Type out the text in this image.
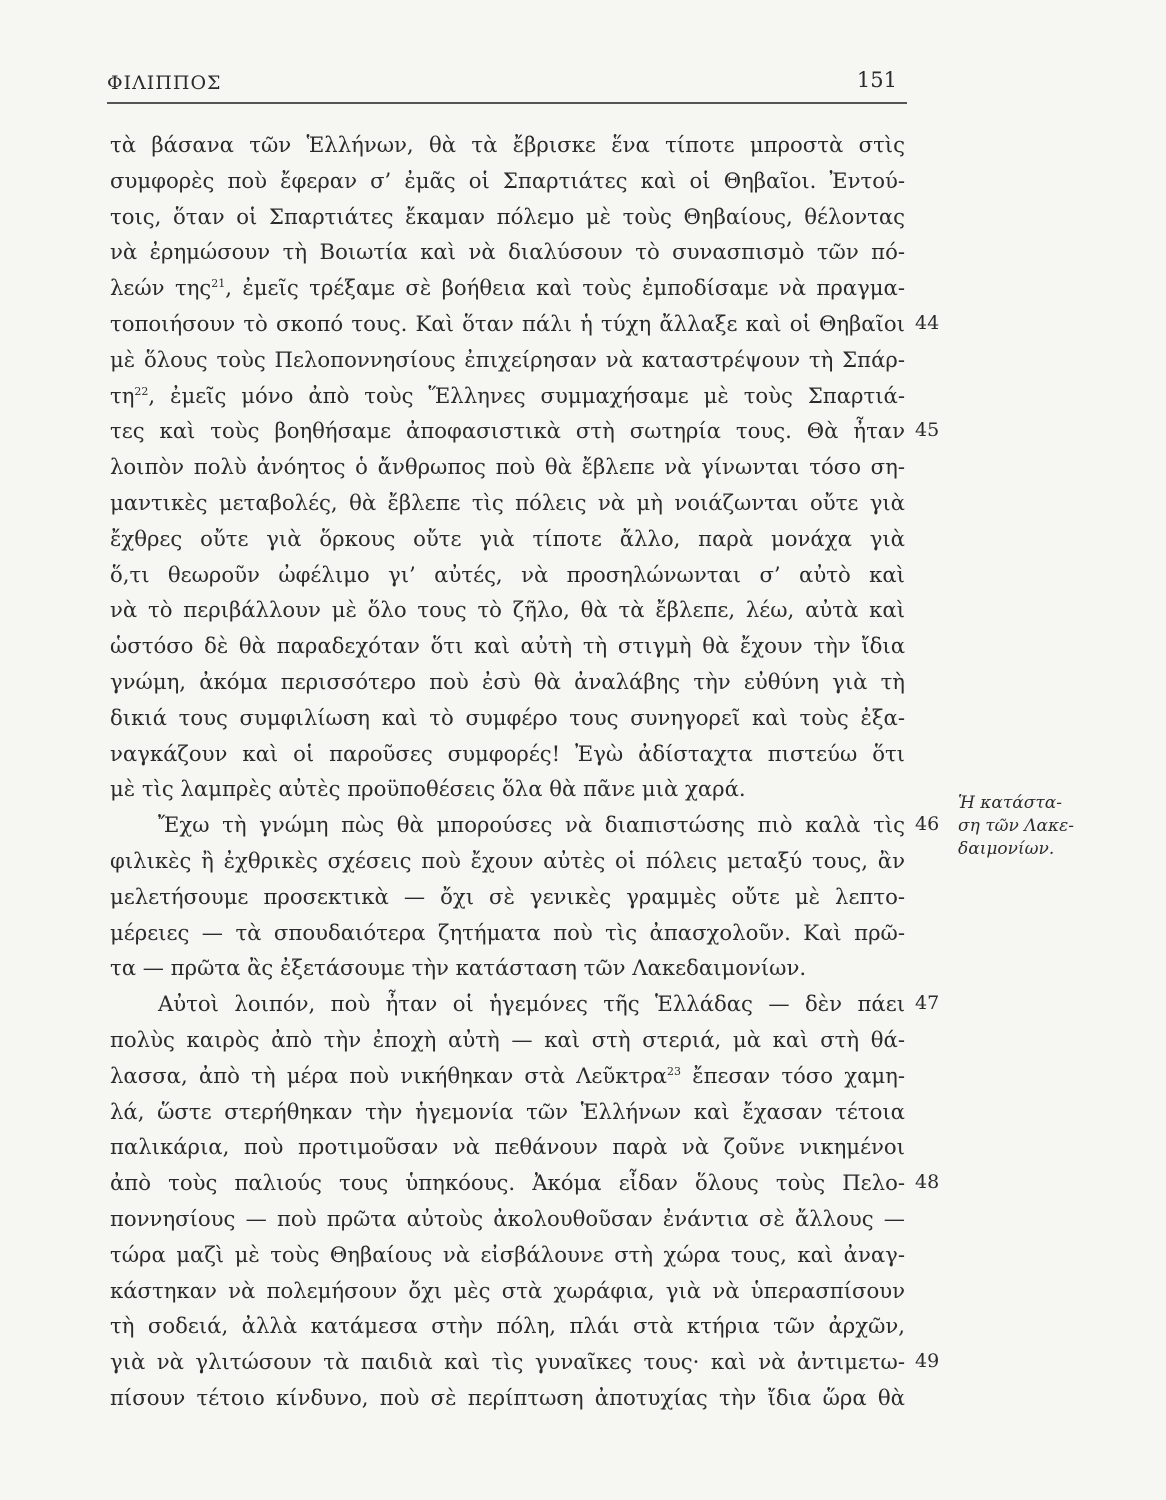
ΦΙΛΙΠΠΟΣ	151
τὰ βάσανα τῶν Ἑλλήνων, θὰ τὰ ἔβρισκε ἕνα τίποτε μπροστὰ στὶς
συμφορὲς ποὺ ἔφεραν σ’ ἐμᾶς οἱ Σπαρτιάτες καὶ οἱ Θηβαῖοι. Ἐντού-
τοις, ὅταν οἱ Σπαρτιάτες ἔκαμαν πόλεμο μὲ τοὺς Θηβαίους, θέλοντας
νὰ ἐρημώσουν τὴ Βοιωτία καὶ νὰ διαλύσουν τὸ συνασπισμὸ τῶν πό-
λεών της$^{21}$, ἐμεῖς τρέξαμε σὲ βοήθεια καὶ τοὺς ἐμποδίσαμε νὰ πραγμα-
τοποιήσουν τὸ σκοπό τους. Καὶ ὅταν πάλι ἡ τύχη ἄλλαξε καὶ οἱ Θηβαῖοι 44
μὲ ὅλους τοὺς Πελοποννησίους ἐπιχείρησαν νὰ καταστρέψουν τὴ Σπάρ-
$\tau\eta^{22}$, ἐμεῖς μόνο ἀπὸ τοὺς Ἕλληνες συμμαχήσαμε μὲ τοὺς Σπαρτιά-
τες καὶ τοὺς βοηθήσαμε ἀποφασιστικὰ στὴ σωτηρία τους. Θὰ ἦταν 45
λοιπὸν πολὺ ἀνόητος ὁ ἄνθρωπος ποὺ θὰ ἔβλεπε νὰ γίνωνται τόσο ση-
μαντικὲς μεταβολές, θὰ ἔβλεπε τὶς πόλεις νὰ μὴ νοιάζωνται οὔτε γιὰ
ἔχθρες οὔτε γιὰ ὅρκους οὔτε γιὰ τίποτε ἄλλο, παρὰ μονάχα γιὰ
ὅ,τι θεωροῦν ὠφέλιμο γι’ αὐτές, νὰ προσηλώνωνται σ’ αὐτὸ καὶ
νὰ τὸ περιβάλλουν μὲ ὅλο τους τὸ ζῆλο, θὰ τὰ ἔβλεπε, λέω, αὐτὰ καὶ
ὡστόσο δὲ θὰ παραδεχόταν ὅτι καὶ αὐτὴ τὴ στιγμὴ θὰ ἔχουν τὴν ἴδια
γνώμη, ἀκόμα περισσότερο ποὺ ἐσὺ θὰ ἀναλάβης τὴν εὐθύνη γιὰ τὴ
δικιά τους συμφιλίωση καὶ τὸ συμφέρο τους συνηγορεῖ καὶ τοὺς ἐξα-
ναγκάζουν καὶ οἱ παροῦσες συμφορές! Ἐγὼ ἀδίσταχτα πιστεύω ὅτι
μὲ τὶς λαμπρὲς αὐτὲς προϋποθέσεις ὅλα θὰ πᾶνε μιὰ χαρά.
Ἔχω τὴ γνώμη πὼς θὰ μπορούσες νὰ διαπιστώσης πιὸ καλὰ τὶς 46
φιλικὲς ἢ ἐχθρικὲς σχέσεις ποὺ ἔχουν αὐτὲς οἱ πόλεις μεταξύ τους, ἂν
μελετήσουμε προσεκτικὰ — ὄχι σὲ γενικὲς γραμμὲς οὔτε μὲ λεπτο-
μέρειες — τὰ σπουδαιότερα ζητήματα ποὺ τὶς ἀπασχολοῦν. Καὶ πρῶ-
τα — πρῶτα ἂς ἐξετάσουμε τὴν κατάσταση τῶν Λακεδαιμονίων.
Αὐτοὶ λοιπόν, ποὺ ἦταν οἱ ἡγεμόνες τῆς Ἑλλάδας — δὲν πάει 47
πολὺς καιρὸς ἀπὸ τὴν ἐποχὴ αὐτὴ — καὶ στὴ στεριά, μὰ καὶ στὴ θά-
λασσα, ἀπὸ τὴ μέρα ποὺ νικήθηκαν στὰ Λεῦκτρα$^{23}$ ἔπεσαν τόσο χαμη-
λά, ὥστε στερήθηκαν τὴν ἡγεμονία τῶν Ἑλλήνων καὶ ἔχασαν τέτοια
παλικάρια, ποὺ προτιμοῦσαν νὰ πεθάνουν παρὰ νὰ ζοῦνε νικημένοι
ἀπὸ τοὺς παλιούς τους ὑπηκόους. Ἀκόμα εἶδαν ὅλους τοὺς Πελο- 48
ποννησίους — ποὺ πρῶτα αὐτοὺς ἀκολουθοῦσαν ἐνάντια σὲ ἄλλους —
τώρα μαζὶ μὲ τοὺς Θηβαίους νὰ εἰσβάλουνε στὴ χώρα τους, καὶ ἀναγ-
κάστηκαν νὰ πολεμήσουν ὄχι μὲς στὰ χωράφια, γιὰ νὰ ὑπερασπίσουν
τὴ σοδειά, ἀλλὰ κατάμεσα στὴν πόλη, πλάι στὰ κτήρια τῶν ἀρχῶν,
γιὰ νὰ γλιτώσουν τὰ παιδιὰ καὶ τὶς γυναῖκες τους· καὶ νὰ ἀντιμετω- 49
πίσουν τέτοιο κίνδυνο, ποὺ σὲ περίπτωση ἀποτυχίας τὴν ἴδια ὥρα θὰ
Ἡ κατάστα-
ση τῶν Λακε-
δαιμονίων.
